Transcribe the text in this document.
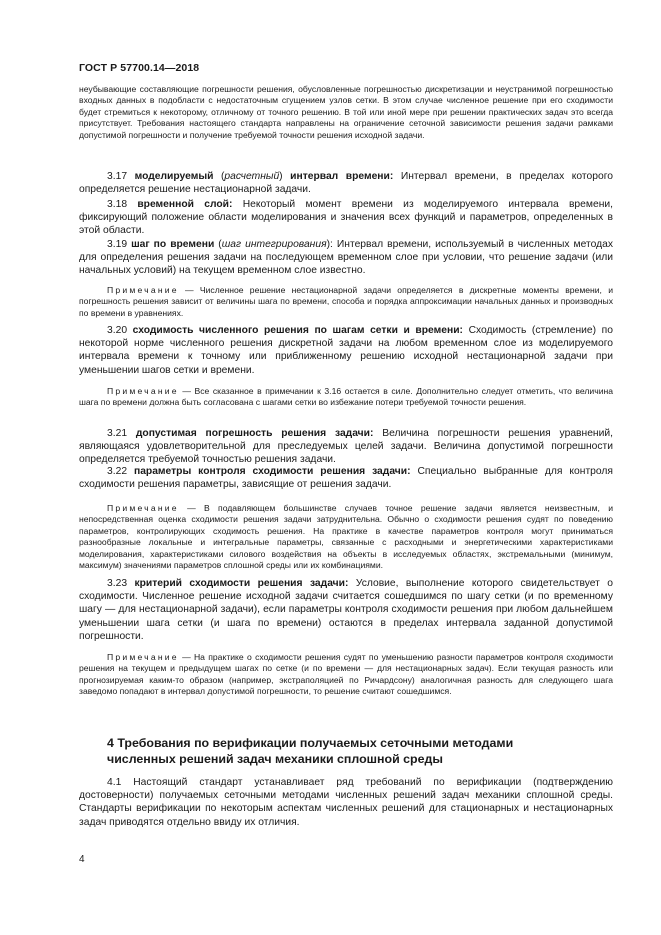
ГОСТ Р 57700.14—2018

неубывающие составляющие погрешности решения, обусловленные погрешностью дискретизации и неустранимой погрешностью входных данных в подобласти с недостаточным сгущением узлов сетки. В этом случае численное решение при его сходимости будет стремиться к некоторому, отличному от точного решению. В той или иной мере при решении практических задач это всегда присутствует. Требования настоящего стандарта направлены на ограничение сеточной зависимости решения задачи рамками допустимой погрешности и получение требуемой точности решения исходной задачи.

3.17 моделируемый (расчетный) интервал времени: Интервал времени, в пределах которого определяется решение нестационарной задачи.

3.18 временной слой: Некоторый момент времени из моделируемого интервала времени, фиксирующий положение области моделирования и значения всех функций и параметров, определенных в этой области.

3.19 шаг по времени (шаг интегрирования): Интервал времени, используемый в численных методах для определения решения задачи на последующем временном слое при условии, что решение задачи (или начальных условий) на текущем временном слое известно.

Примечание — Численное решение нестационарной задачи определяется в дискретные моменты времени, и погрешность решения зависит от величины шага по времени, способа и порядка аппроксимации начальных данных и производных по времени в уравнениях.

3.20 сходимость численного решения по шагам сетки и времени: Сходимость (стремление) по некоторой норме численного решения дискретной задачи на любом временном слое из моделируемого интервала времени к точному или приближенному решению исходной нестационарной задачи при уменьшении шагов сетки и времени.

Примечание — Все сказанное в примечании к 3.16 остается в силе. Дополнительно следует отметить, что величина шага по времени должна быть согласована с шагами сетки во избежание потери требуемой точности решения.

3.21 допустимая погрешность решения задачи: Величина погрешности решения уравнений, являющаяся удовлетворительной для преследуемых целей задачи. Величина допустимой погрешности определяется требуемой точностью решения задачи.

3.22 параметры контроля сходимости решения задачи: Специально выбранные для контроля сходимости решения параметры, зависящие от решения задачи.

Примечание — В подавляющем большинстве случаев точное решение задачи является неизвестным, и непосредственная оценка сходимости решения задачи затруднительна. Обычно о сходимости решения судят по поведению параметров, контролирующих сходимость решения. На практике в качестве параметров контроля могут приниматься разнообразные локальные и интегральные параметры, связанные с расходными и энергетическими характеристиками моделирования, характеристиками силового воздействия на объекты в исследуемых областях, экстремальными (минимум, максимум) значениями параметров сплошной среды или их комбинациями.

3.23 критерий сходимости решения задачи: Условие, выполнение которого свидетельствует о сходимости. Численное решение исходной задачи считается сошедшимся по шагу сетки (и по временному шагу — для нестационарной задачи), если параметры контроля сходимости решения при любом дальнейшем уменьшении шага сетки (и шага по времени) остаются в пределах интервала заданной допустимой погрешности.

Примечание — На практике о сходимости решения судят по уменьшению разности параметров контроля сходимости решения на текущем и предыдущем шагах по сетке (и по времени — для нестационарных задач). Если текущая разность или прогнозируемая каким-то образом (например, экстраполяцией по Ричардсону) аналогичная разность для следующего шага заведомо попадают в интервал допустимой погрешности, то решение считают сошедшимся.

4 Требования по верификации получаемых сеточными методами

численных решений задач механики сплошной среды

4.1 Настоящий стандарт устанавливает ряд требований по верификации (подтверждению достоверности) получаемых сеточными методами численных решений задач механики сплошной среды. Стандарты верификации по некоторым аспектам численных решений для стационарных и нестационарных задач приводятся отдельно ввиду их отличия.

4
